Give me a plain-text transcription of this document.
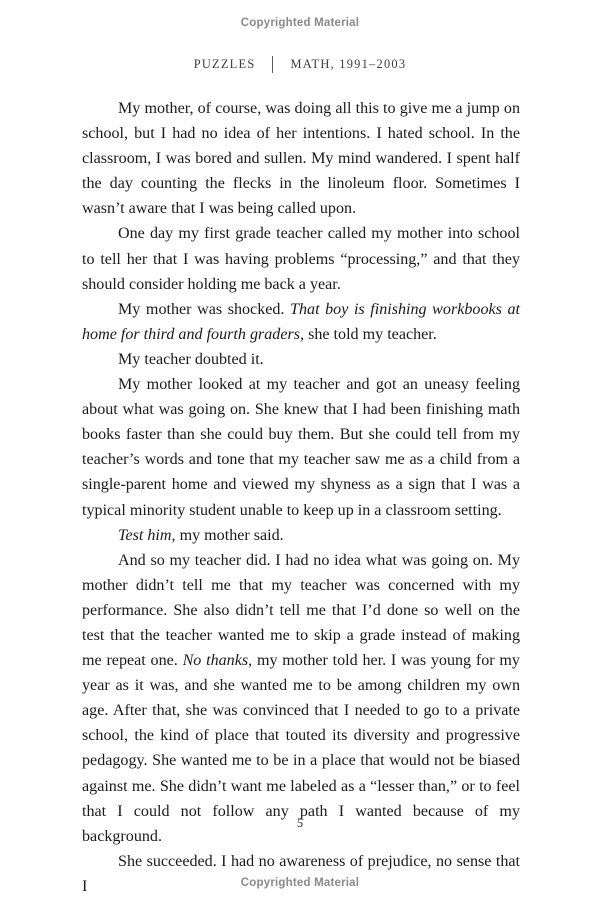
Copyrighted Material
PUZZLES	MATH, 1991–2003

My mother, of course, was doing all this to give me a jump on school, but I had no idea of her intentions. I hated school. In the classroom, I was bored and sullen. My mind wandered. I spent half the day counting the flecks in the linoleum floor. Sometimes I wasn’t aware that I was being called upon.

One day my first grade teacher called my mother into school to tell her that I was having problems “processing,” and that they should consider holding me back a year.

My mother was shocked. That boy is finishing workbooks at home for third and fourth graders, she told my teacher.

My teacher doubted it.

My mother looked at my teacher and got an uneasy feeling about what was going on. She knew that I had been finishing math books faster than she could buy them. But she could tell from my teacher’s words and tone that my teacher saw me as a child from a single-parent home and viewed my shyness as a sign that I was a typical minority student unable to keep up in a classroom setting.

Test him, my mother said.

And so my teacher did. I had no idea what was going on. My mother didn’t tell me that my teacher was concerned with my performance. She also didn’t tell me that I’d done so well on the test that the teacher wanted me to skip a grade instead of making me repeat one. No thanks, my mother told her. I was young for my year as it was, and she wanted me to be among children my own age. After that, she was convinced that I needed to go to a private school, the kind of place that touted its diversity and progressive pedagogy. She wanted me to be in a place that would not be biased against me. She didn’t want me labeled as a “lesser than,” or to feel that I could not follow any path I wanted because of my background.

She succeeded. I had no awareness of prejudice, no sense that I

5
Copyrighted Material
